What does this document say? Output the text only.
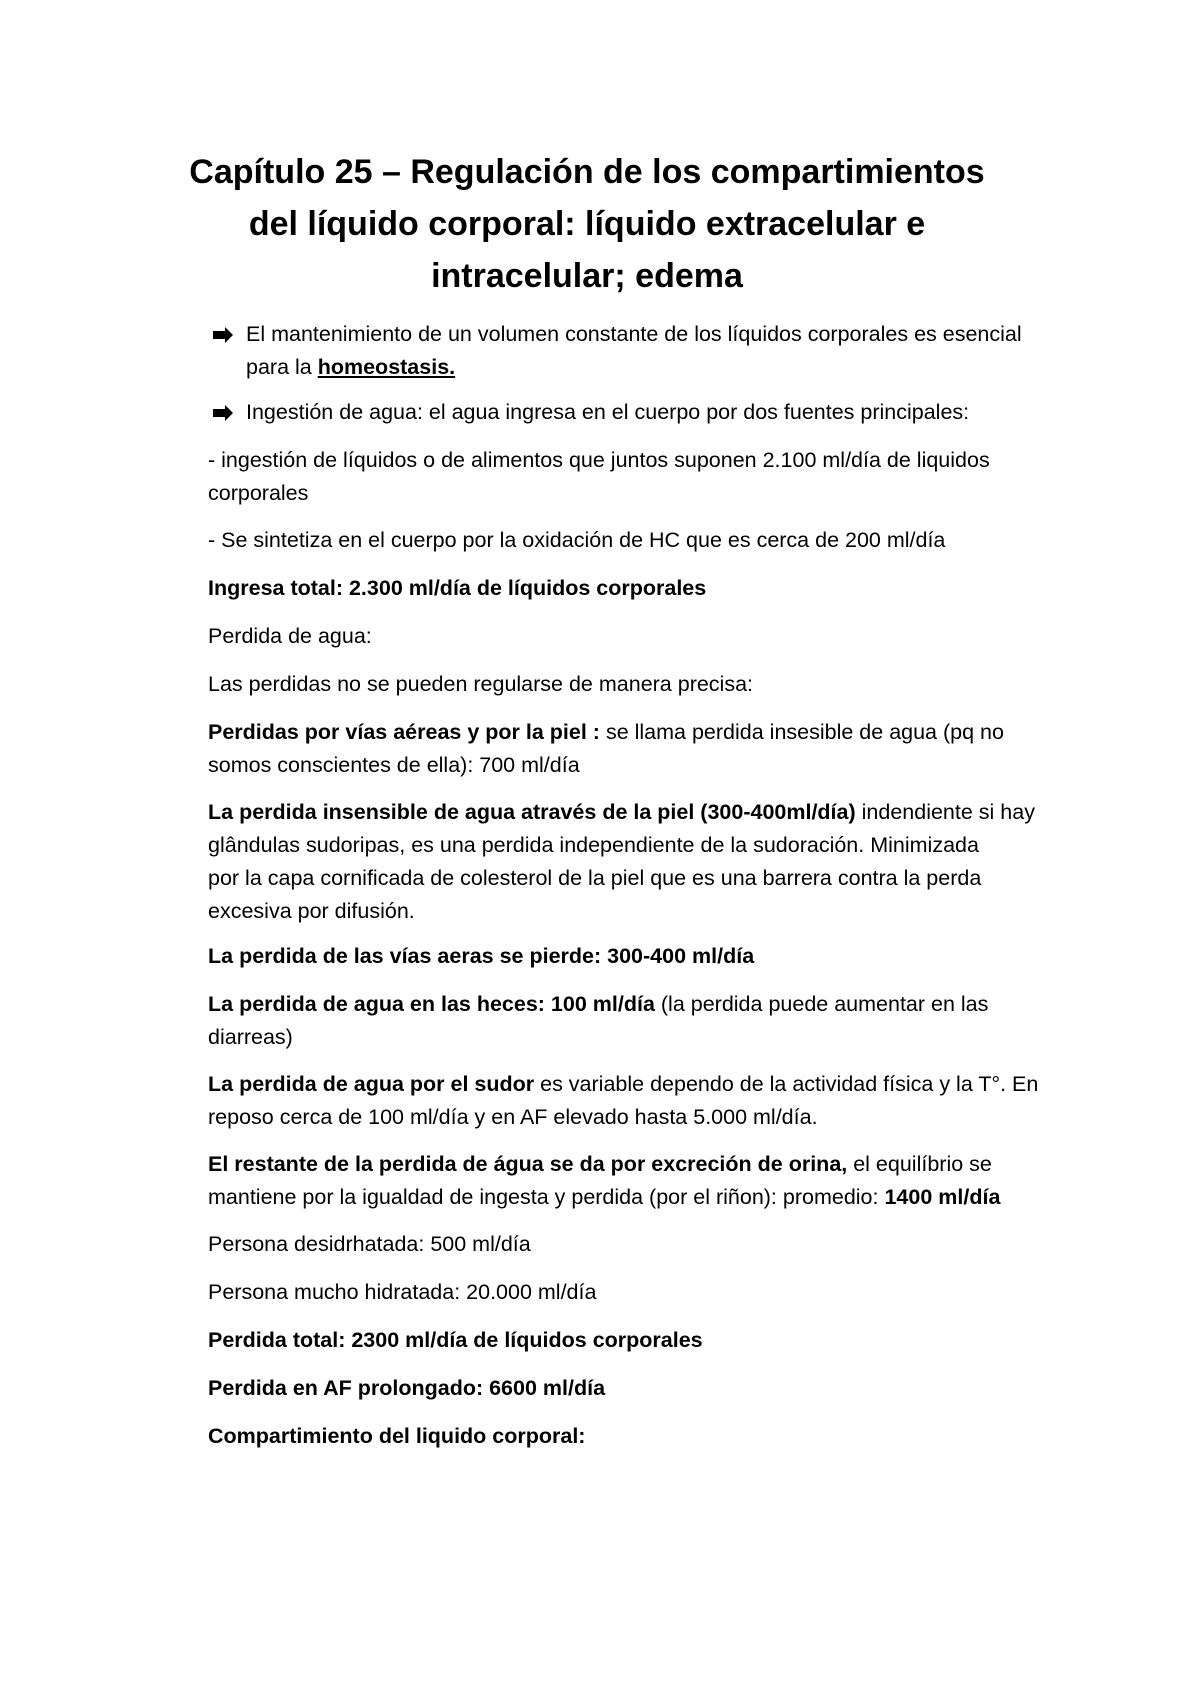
Capítulo 25 – Regulación de los compartimientos
del líquido corporal: líquido extracelular e
intracelular; edema
El mantenimiento de un volumen constante de los líquidos corporales es esencial
para la homeostasis.
Ingestión de agua: el agua ingresa en el cuerpo por dos fuentes principales:
- ingestión de líquidos o de alimentos que juntos suponen 2.100 ml/día de liquidos
corporales
- Se sintetiza en el cuerpo por la oxidación de HC que es cerca de 200 ml/día
Ingresa total: 2.300 ml/día de líquidos corporales
Perdida de agua:
Las perdidas no se pueden regularse de manera precisa:
Perdidas por vías aéreas y por la piel : se llama perdida insesible de agua (pq no
somos conscientes de ella): 700 ml/día
La perdida insensible de agua através de la piel (300-400ml/día) indendiente si hay
glândulas sudoripas, es una perdida independiente de la sudoración. Minimizada
por la capa cornificada de colesterol de la piel que es una barrera contra la perda
excesiva por difusión.
La perdida de las vías aeras se pierde: 300-400 ml/día
La perdida de agua en las heces: 100 ml/día (la perdida puede aumentar en las
diarreas)
La perdida de agua por el sudor es variable dependo de la actividad física y la T°. En
reposo cerca de 100 ml/día y en AF elevado hasta 5.000 ml/día.
El restante de la perdida de água se da por excreción de orina, el equilíbrio se
mantiene por la igualdad de ingesta y perdida (por el riñon): promedio: 1400 ml/día
Persona desidrhatada: 500 ml/día
Persona mucho hidratada: 20.000 ml/día
Perdida total: 2300 ml/día de líquidos corporales
Perdida en AF prolongado: 6600 ml/día
Compartimiento del liquido corporal:
